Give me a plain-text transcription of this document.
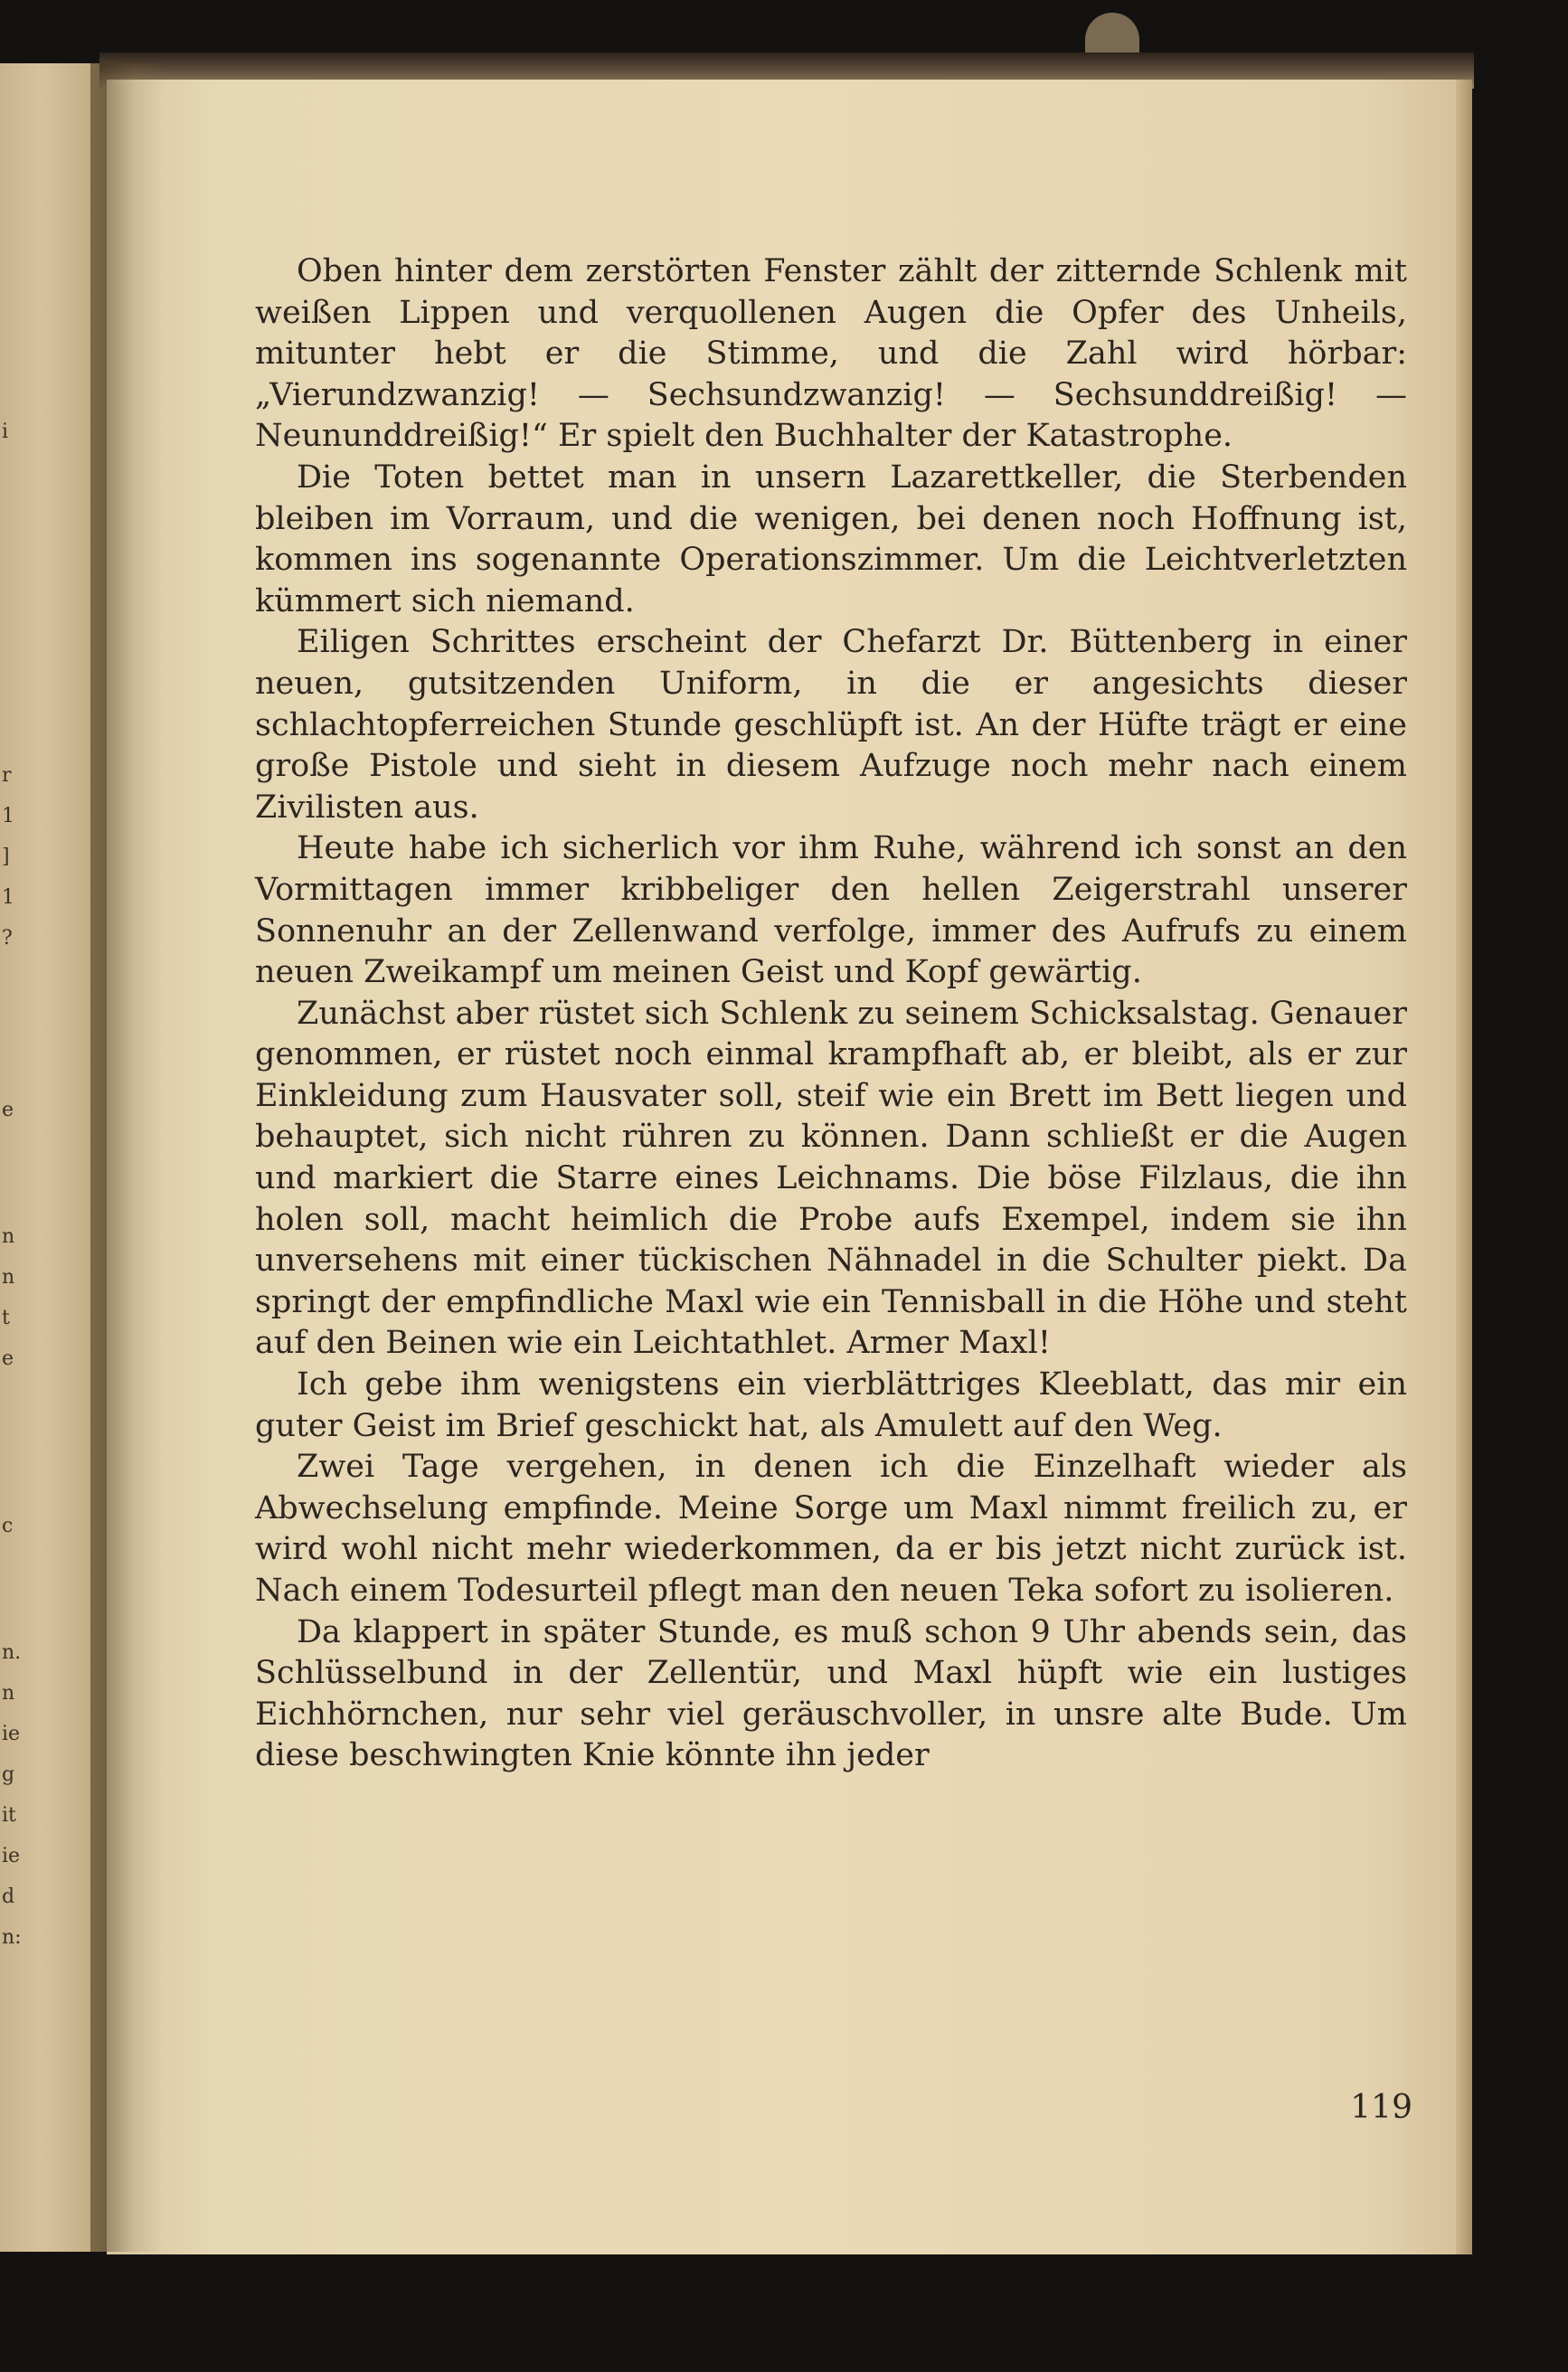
i
r
1
]
1
?
e
n
n
t
e
c
n.
n
ie
g
it
ie
d
n:

Oben hinter dem zerstörten Fenster zählt der zitternde Schlenk mit weißen Lippen und verquollenen Augen die Opfer des Unheils, mitunter hebt er die Stimme, und die Zahl wird hörbar: „Vierundzwanzig! — Sechsundzwanzig! — Sechsunddreißig! — Neununddreißig!“ Er spielt den Buchhalter der Katastrophe.

Die Toten bettet man in unsern Lazarettkeller, die Sterbenden bleiben im Vorraum, und die wenigen, bei denen noch Hoffnung ist, kommen ins sogenannte Operationszimmer. Um die Leichtverletzten kümmert sich niemand.

Eiligen Schrittes erscheint der Chefarzt Dr. Büttenberg in einer neuen, gutsitzenden Uniform, in die er angesichts dieser schlachtopferreichen Stunde geschlüpft ist. An der Hüfte trägt er eine große Pistole und sieht in diesem Aufzuge noch mehr nach einem Zivilisten aus.

Heute habe ich sicherlich vor ihm Ruhe, während ich sonst an den Vormittagen immer kribbeliger den hellen Zeigerstrahl unserer Sonnenuhr an der Zellenwand verfolge, immer des Aufrufs zu einem neuen Zweikampf um meinen Geist und Kopf gewärtig.

Zunächst aber rüstet sich Schlenk zu seinem Schicksalstag. Genauer genommen, er rüstet noch einmal krampfhaft ab, er bleibt, als er zur Einkleidung zum Hausvater soll, steif wie ein Brett im Bett liegen und behauptet, sich nicht rühren zu können. Dann schließt er die Augen und markiert die Starre eines Leichnams. Die böse Filzlaus, die ihn holen soll, macht heimlich die Probe aufs Exempel, indem sie ihn unversehens mit einer tückischen Nähnadel in die Schulter piekt. Da springt der empfindliche Maxl wie ein Tennisball in die Höhe und steht auf den Beinen wie ein Leichtathlet. Armer Maxl!

Ich gebe ihm wenigstens ein vierblättriges Kleeblatt, das mir ein guter Geist im Brief geschickt hat, als Amulett auf den Weg.

Zwei Tage vergehen, in denen ich die Einzelhaft wieder als Abwechselung empfinde. Meine Sorge um Maxl nimmt freilich zu, er wird wohl nicht mehr wiederkommen, da er bis jetzt nicht zurück ist. Nach einem Todesurteil pflegt man den neuen Teka sofort zu isolieren.

Da klappert in später Stunde, es muß schon 9 Uhr abends sein, das Schlüsselbund in der Zellentür, und Maxl hüpft wie ein lustiges Eichhörnchen, nur sehr viel geräuschvoller, in unsre alte Bude. Um diese beschwingten Knie könnte ihn jeder

119
